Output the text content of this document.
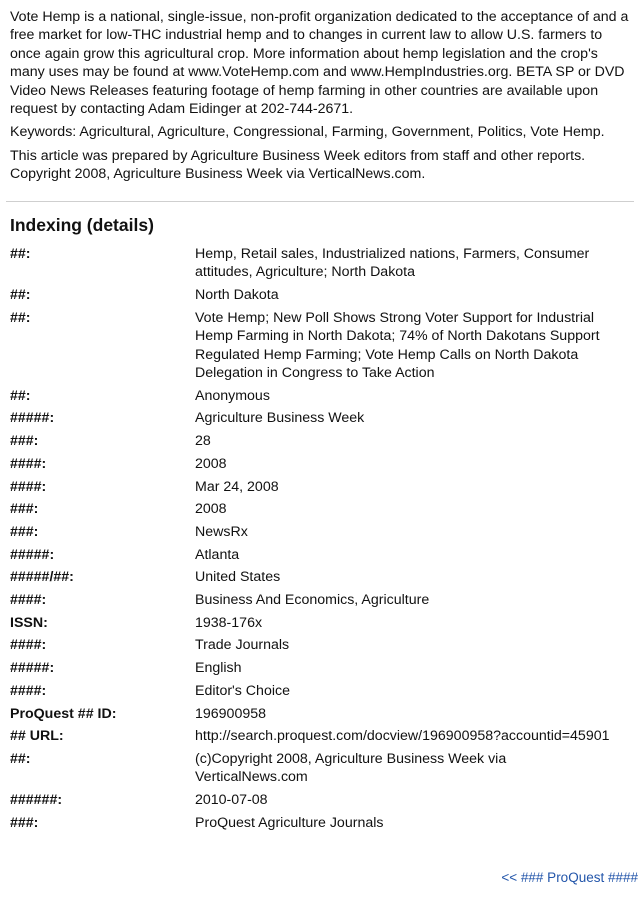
Vote Hemp is a national, single-issue, non-profit organization dedicated to the acceptance of and a free market for low-THC industrial hemp and to changes in current law to allow U.S. farmers to once again grow this agricultural crop. More information about hemp legislation and the crop's many uses may be found at www.VoteHemp.com and www.HempIndustries.org. BETA SP or DVD Video News Releases featuring footage of hemp farming in other countries are available upon request by contacting Adam Eidinger at 202-744-2671.

Keywords: Agricultural, Agriculture, Congressional, Farming, Government, Politics, Vote Hemp.

This article was prepared by Agriculture Business Week editors from staff and other reports.

Copyright 2008, Agriculture Business Week via VerticalNews.com.

Indexing (details)
##:	Hemp, Retail sales, Industrialized nations, Farmers, Consumer attitudes, Agriculture; North Dakota
##:	North Dakota
##:	Vote Hemp; New Poll Shows Strong Voter Support for Industrial Hemp Farming in North Dakota; 74% of North Dakotans Support Regulated Hemp Farming; Vote Hemp Calls on North Dakota Delegation in Congress to Take Action
##:	Anonymous
#####:	Agriculture Business Week
###:	28
####:	2008
####:	Mar 24, 2008
###:	2008
###:	NewsRx
#####:	Atlanta
#####/##:	United States
####:	Business And Economics, Agriculture
ISSN:	1938-176x
####:	Trade Journals
#####:	English
####:	Editor's Choice
ProQuest ## ID:	196900958
## URL:	http://search.proquest.com/docview/196900958?accountid=45901
##:	(c)Copyright 2008, Agriculture Business Week via VerticalNews.com
######:	2010-07-08
###:	ProQuest Agriculture Journals
<< ### ProQuest ####
